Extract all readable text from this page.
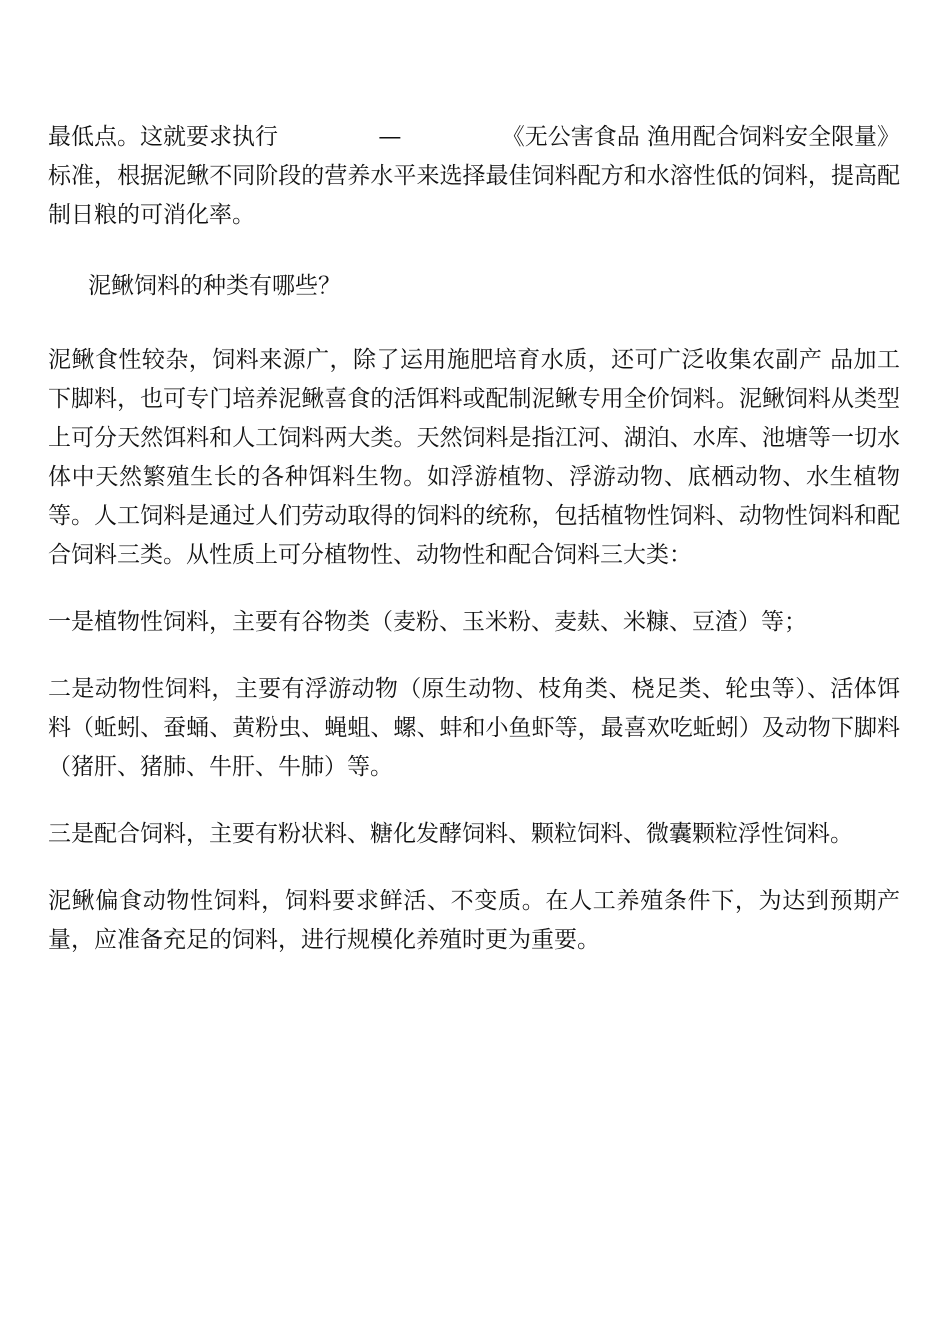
最低点。这就要求执行	—	《无公害食品 渔用配合饲料安全限量》

标准，根据泥鳅不同阶段的营养水平来选择最佳饲料配方和水溶性低的饲料，提高配制日粮的可消化率。

泥鳅饲料的种类有哪些？

泥鳅食性较杂，饲料来源广，除了运用施肥培育水质，还可广泛收集农副产 品加工下脚料，也可专门培养泥鳅喜食的活饵料或配制泥鳅专用全价饲料。泥鳅饲料从类型上可分天然饵料和人工饲料两大类。天然饲料是指江河、湖泊、水库、池塘等一切水体中天然繁殖生长的各种饵料生物。如浮游植物、浮游动物、底栖动物、水生植物等。人工饲料是通过人们劳动取得的饲料的统称，包括植物性饲料、动物性饲料和配合饲料三类。从性质上可分植物性、动物性和配合饲料三大类：

一是植物性饲料，主要有谷物类（麦粉、玉米粉、麦麸、米糠、豆渣）等；

二是动物性饲料，主要有浮游动物（原生动物、枝角类、桡足类、轮虫等）、活体饵料（蚯蚓、蚕蛹、黄粉虫、蝇蛆、螺、蚌和小鱼虾等，最喜欢吃蚯蚓）及动物下脚料（猪肝、猪肺、牛肝、牛肺）等。

三是配合饲料，主要有粉状料、糖化发酵饲料、颗粒饲料、微囊颗粒浮性饲料。

泥鳅偏食动物性饲料，饲料要求鲜活、不变质。在人工养殖条件下，为达到预期产量，应准备充足的饲料，进行规模化养殖时更为重要。
